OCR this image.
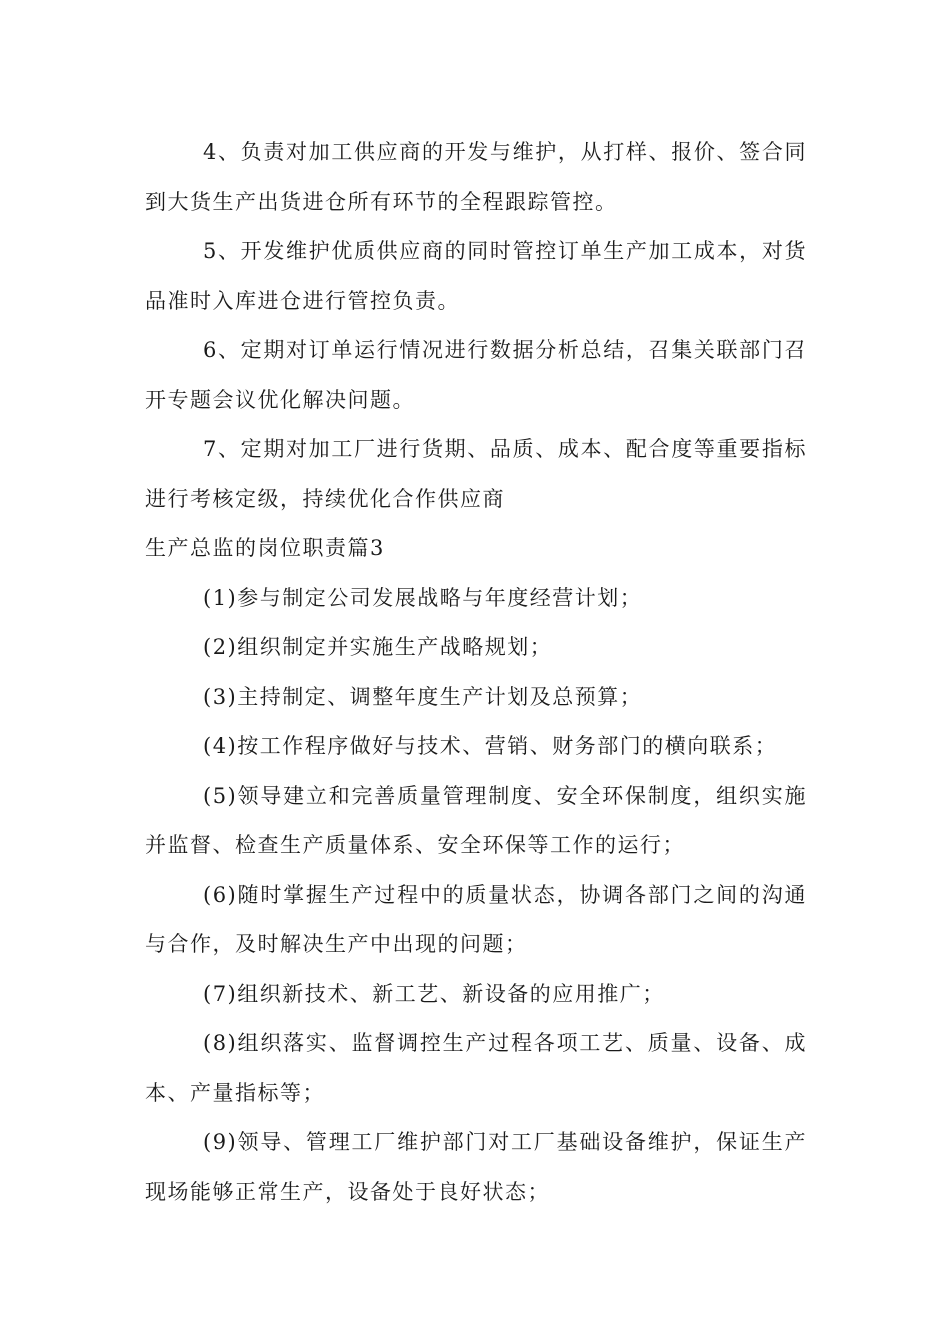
4、负责对加工供应商的开发与维护，从打样、报价、签合同到大货生产出货进仓所有环节的全程跟踪管控。

5、开发维护优质供应商的同时管控订单生产加工成本，对货品准时入库进仓进行管控负责。

6、定期对订单运行情况进行数据分析总结，召集关联部门召开专题会议优化解决问题。

7、定期对加工厂进行货期、品质、成本、配合度等重要指标进行考核定级，持续优化合作供应商

生产总监的岗位职责篇3

(1)参与制定公司发展战略与年度经营计划；

(2)组织制定并实施生产战略规划；

(3)主持制定、调整年度生产计划及总预算；

(4)按工作程序做好与技术、营销、财务部门的横向联系；

(5)领导建立和完善质量管理制度、安全环保制度，组织实施并监督、检查生产质量体系、安全环保等工作的运行；

(6)随时掌握生产过程中的质量状态，协调各部门之间的沟通与合作，及时解决生产中出现的问题；

(7)组织新技术、新工艺、新设备的应用推广；

(8)组织落实、监督调控生产过程各项工艺、质量、设备、成本、产量指标等；

(9)领导、管理工厂维护部门对工厂基础设备维护，保证生产现场能够正常生产，设备处于良好状态；
